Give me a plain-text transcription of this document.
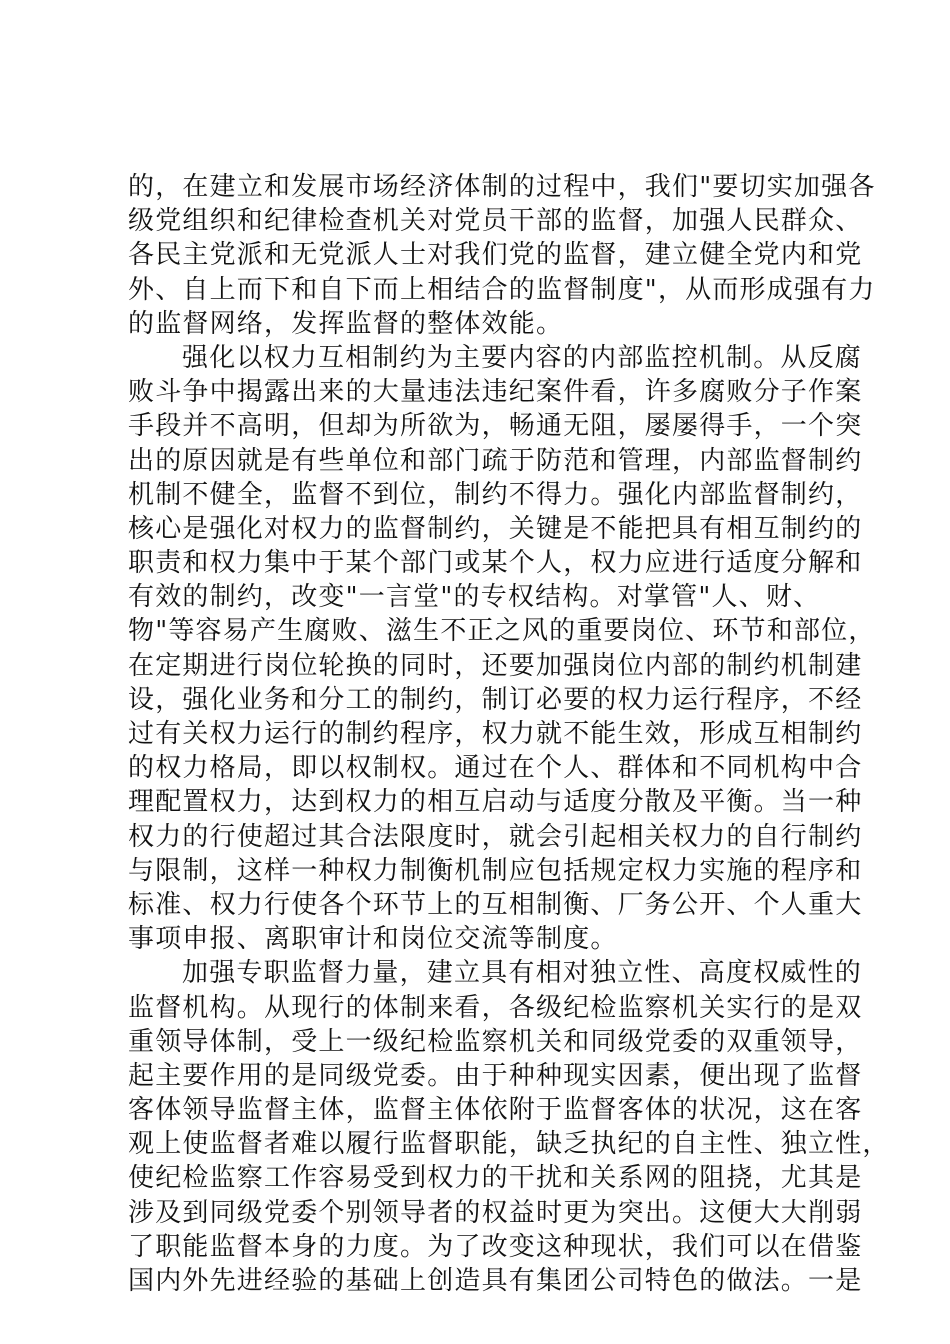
的，在建立和发展市场经济体制的过程中，我们"要切实加强各
级党组织和纪律检查机关对党员干部的监督，加强人民群众、
各民主党派和无党派人士对我们党的监督，建立健全党内和党
外、自上而下和自下而上相结合的监督制度"，从而形成强有力
的监督网络，发挥监督的整体效能。
强化以权力互相制约为主要内容的内部监控机制。从反腐
败斗争中揭露出来的大量违法违纪案件看，许多腐败分子作案
手段并不高明，但却为所欲为，畅通无阻，屡屡得手，一个突
出的原因就是有些单位和部门疏于防范和管理，内部监督制约
机制不健全，监督不到位，制约不得力。强化内部监督制约，
核心是强化对权力的监督制约，关键是不能把具有相互制约的
职责和权力集中于某个部门或某个人，权力应进行适度分解和
有效的制约，改变"一言堂"的专权结构。对掌管"人、财、
物"等容易产生腐败、滋生不正之风的重要岗位、环节和部位，
在定期进行岗位轮换的同时，还要加强岗位内部的制约机制建
设，强化业务和分工的制约，制订必要的权力运行程序，不经
过有关权力运行的制约程序，权力就不能生效，形成互相制约
的权力格局，即以权制权。通过在个人、群体和不同机构中合
理配置权力，达到权力的相互启动与适度分散及平衡。当一种
权力的行使超过其合法限度时，就会引起相关权力的自行制约
与限制，这样一种权力制衡机制应包括规定权力实施的程序和
标准、权力行使各个环节上的互相制衡、厂务公开、个人重大
事项申报、离职审计和岗位交流等制度。
加强专职监督力量，建立具有相对独立性、高度权威性的
监督机构。从现行的体制来看，各级纪检监察机关实行的是双
重领导体制，受上一级纪检监察机关和同级党委的双重领导，
起主要作用的是同级党委。由于种种现实因素，便出现了监督
客体领导监督主体，监督主体依附于监督客体的状况，这在客
观上使监督者难以履行监督职能，缺乏执纪的自主性、独立性，
使纪检监察工作容易受到权力的干扰和关系网的阻挠，尤其是
涉及到同级党委个别领导者的权益时更为突出。这便大大削弱
了职能监督本身的力度。为了改变这种现状，我们可以在借鉴
国内外先进经验的基础上创造具有集团公司特色的做法。一是
